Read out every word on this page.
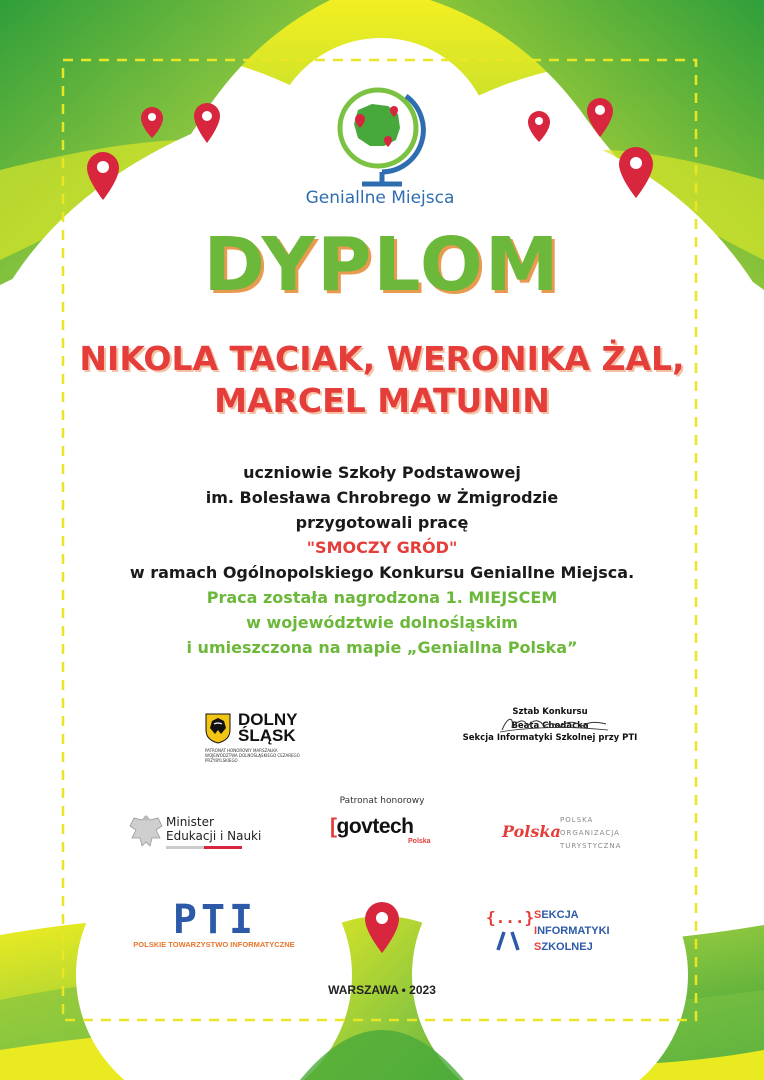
Geniallne Miejsca
DYPLOM
NIKOLA TACIAK, WERONIKA ŻAL,
MARCEL MATUNIN
uczniowie Szkoły Podstawowej
im. Bolesława Chrobrego w Żmigrodzie
przygotowali pracę
"SMOCZY GRÓD"
w ramach Ogólnopolskiego Konkursu Geniallne Miejsca.
Praca została nagrodzona 1. MIEJSCEM
w województwie dolnośląskim
i umieszczona na mapie „Geniallna Polska”
DOLNY
ŚLĄSK
PATRONAT HONOROWY MARSZAŁKA WOJEWÓDZTWA DOLNOŚLĄSKIEGO CEZAREGO PRZYBYLSKIEGO
Sztab Konkursu
Beata Chodacka
Sekcja Informatyki Szkolnej przy PTI
Patronat honorowy
Minister
Edukacji i Nauki	[govtech
Polska
Polska
POLSKA
ORGANIZACJA
TURYSTYCZNA
PTI
POLSKIE TOWARZYSTWO INFORMATYCZNE
{...} SEKCJA
INFORMATYKI
SZKOLNEJ
WARSZAWA • 2023
